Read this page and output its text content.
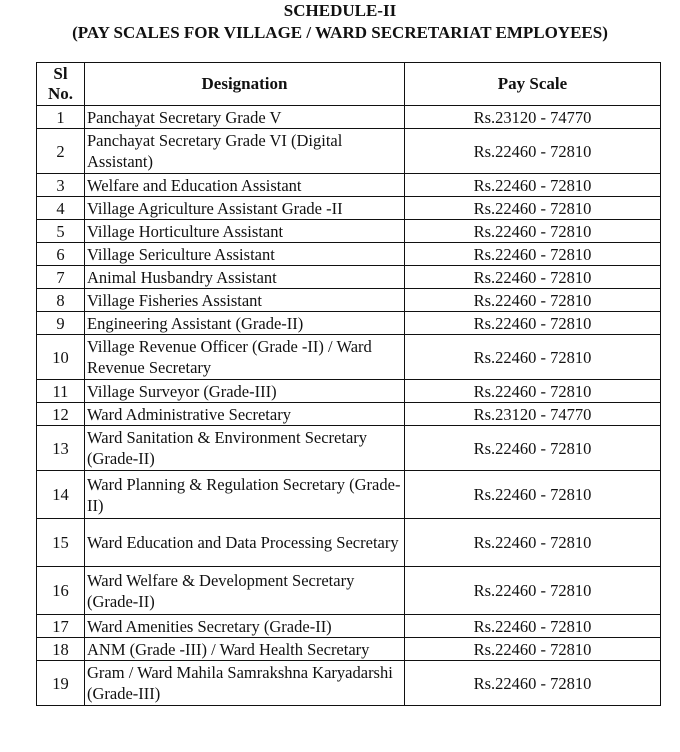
SCHEDULE-II
(PAY SCALES FOR VILLAGE / WARD SECRETARIAT EMPLOYEES)
Sl No.	Designation	Pay Scale
1	Panchayat Secretary Grade V	Rs.23120 - 74770
2	Panchayat Secretary Grade VI (Digital Assistant)	Rs.22460 - 72810
3	Welfare and Education Assistant	Rs.22460 - 72810
4	Village Agriculture Assistant Grade -II	Rs.22460 - 72810
5	Village Horticulture Assistant	Rs.22460 - 72810
6	Village Sericulture Assistant	Rs.22460 - 72810
7	Animal Husbandry Assistant	Rs.22460 - 72810
8	Village Fisheries Assistant	Rs.22460 - 72810
9	Engineering Assistant (Grade-II)	Rs.22460 - 72810
10	Village Revenue Officer (Grade -II) / Ward Revenue Secretary	Rs.22460 - 72810
11	Village Surveyor (Grade-III)	Rs.22460 - 72810
12	Ward Administrative Secretary	Rs.23120 - 74770
13	Ward Sanitation & Environment Secretary (Grade-II)	Rs.22460 - 72810
14	Ward Planning & Regulation Secretary (Grade-II)	Rs.22460 - 72810
15	Ward Education and Data Processing Secretary	Rs.22460 - 72810
16	Ward Welfare & Development Secretary (Grade-II)	Rs.22460 - 72810
17	Ward Amenities Secretary (Grade-II)	Rs.22460 - 72810
18	ANM (Grade -III) / Ward Health Secretary	Rs.22460 - 72810
19	Gram / Ward Mahila Samrakshna Karyadarshi (Grade-III)	Rs.22460 - 72810
